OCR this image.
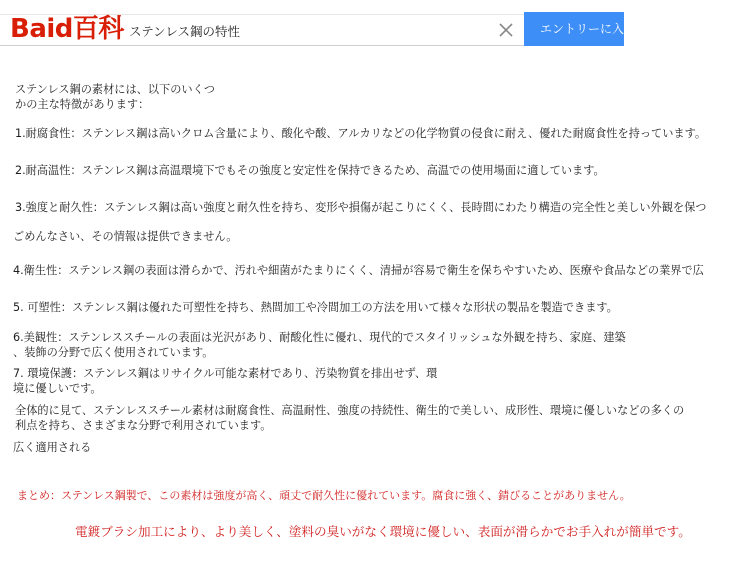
ステンレス鋼の特性
Baid百科	エントリーに入る
ステンレス鋼の素材には、以下のいくつ
かの主な特徴があります：
1.耐腐食性：ステンレス鋼は高いクロム含量により、酸化や酸、アルカリなどの化学物質の侵食に耐え、優れた耐腐食性を持っています。
2.耐高温性：ステンレス鋼は高温環境下でもその強度と安定性を保持できるため、高温での使用場面に適しています。
3.強度と耐久性：ステンレス鋼は高い強度と耐久性を持ち、変形や損傷が起こりにくく、長時間にわたり構造の完全性と美しい外観を保つ
ごめんなさい、その情報は提供できません。
4.衛生性：ステンレス鋼の表面は滑らかで、汚れや細菌がたまりにくく、清掃が容易で衛生を保ちやすいため、医療や食品などの業界で広
5. 可塑性：ステンレス鋼は優れた可塑性を持ち、熱間加工や冷間加工の方法を用いて様々な形状の製品を製造できます。
6.美観性：ステンレススチールの表面は光沢があり、耐酸化性に優れ、現代的でスタイリッシュな外観を持ち、家庭、建築
、装飾の分野で広く使用されています。
7. 環境保護：ステンレス鋼はリサイクル可能な素材であり、汚染物質を排出せず、環
境に優しいです。
全体的に見て、ステンレススチール素材は耐腐食性、高温耐性、強度の持続性、衛生的で美しい、成形性、環境に優しいなどの多くの
利点を持ち、さまざまな分野で利用されています。
広く適用される
まとめ：ステンレス鋼製で、この素材は強度が高く、頑丈で耐久性に優れています。腐食に強く、錆びることがありません。
電鍍ブラシ加工により、より美しく、塗料の臭いがなく環境に優しい、表面が滑らかでお手入れが簡単です。
